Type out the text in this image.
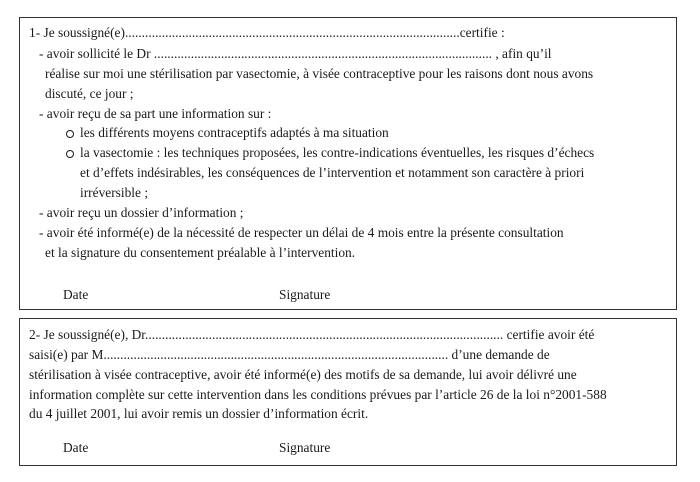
1- Je soussigné(e)....................................................................................................certifie :
- avoir sollicité le Dr ..................................................................................................... , afin qu’il
réalise sur moi une stérilisation par vasectomie, à visée contraceptive pour les raisons dont nous avons
discuté, ce jour ;
- avoir reçu de sa part une information sur :
les différents moyens contraceptifs adaptés à ma situation
la vasectomie : les techniques proposées, les contre-indications éventuelles, les risques d’échecs
et d’effets indésirables, les conséquences de l’intervention et notamment son caractère à priori
irréversible ;
- avoir reçu un dossier d’information ;
- avoir été informé(e) de la nécessité de respecter un délai de 4 mois entre la présente consultation
et la signature du consentement préalable à l’intervention.
Date	Signature
2- Je soussigné(e), Dr........................................................................................................... certifie avoir été
saisi(e) par M....................................................................................................... d’une demande de
stérilisation à visée contraceptive, avoir été informé(e) des motifs de sa demande, lui avoir délivré une
information complète sur cette intervention dans les conditions prévues par l’article 26 de la loi n°2001-588
du 4 juillet 2001, lui avoir remis un dossier d’information écrit.
Date	Signature
